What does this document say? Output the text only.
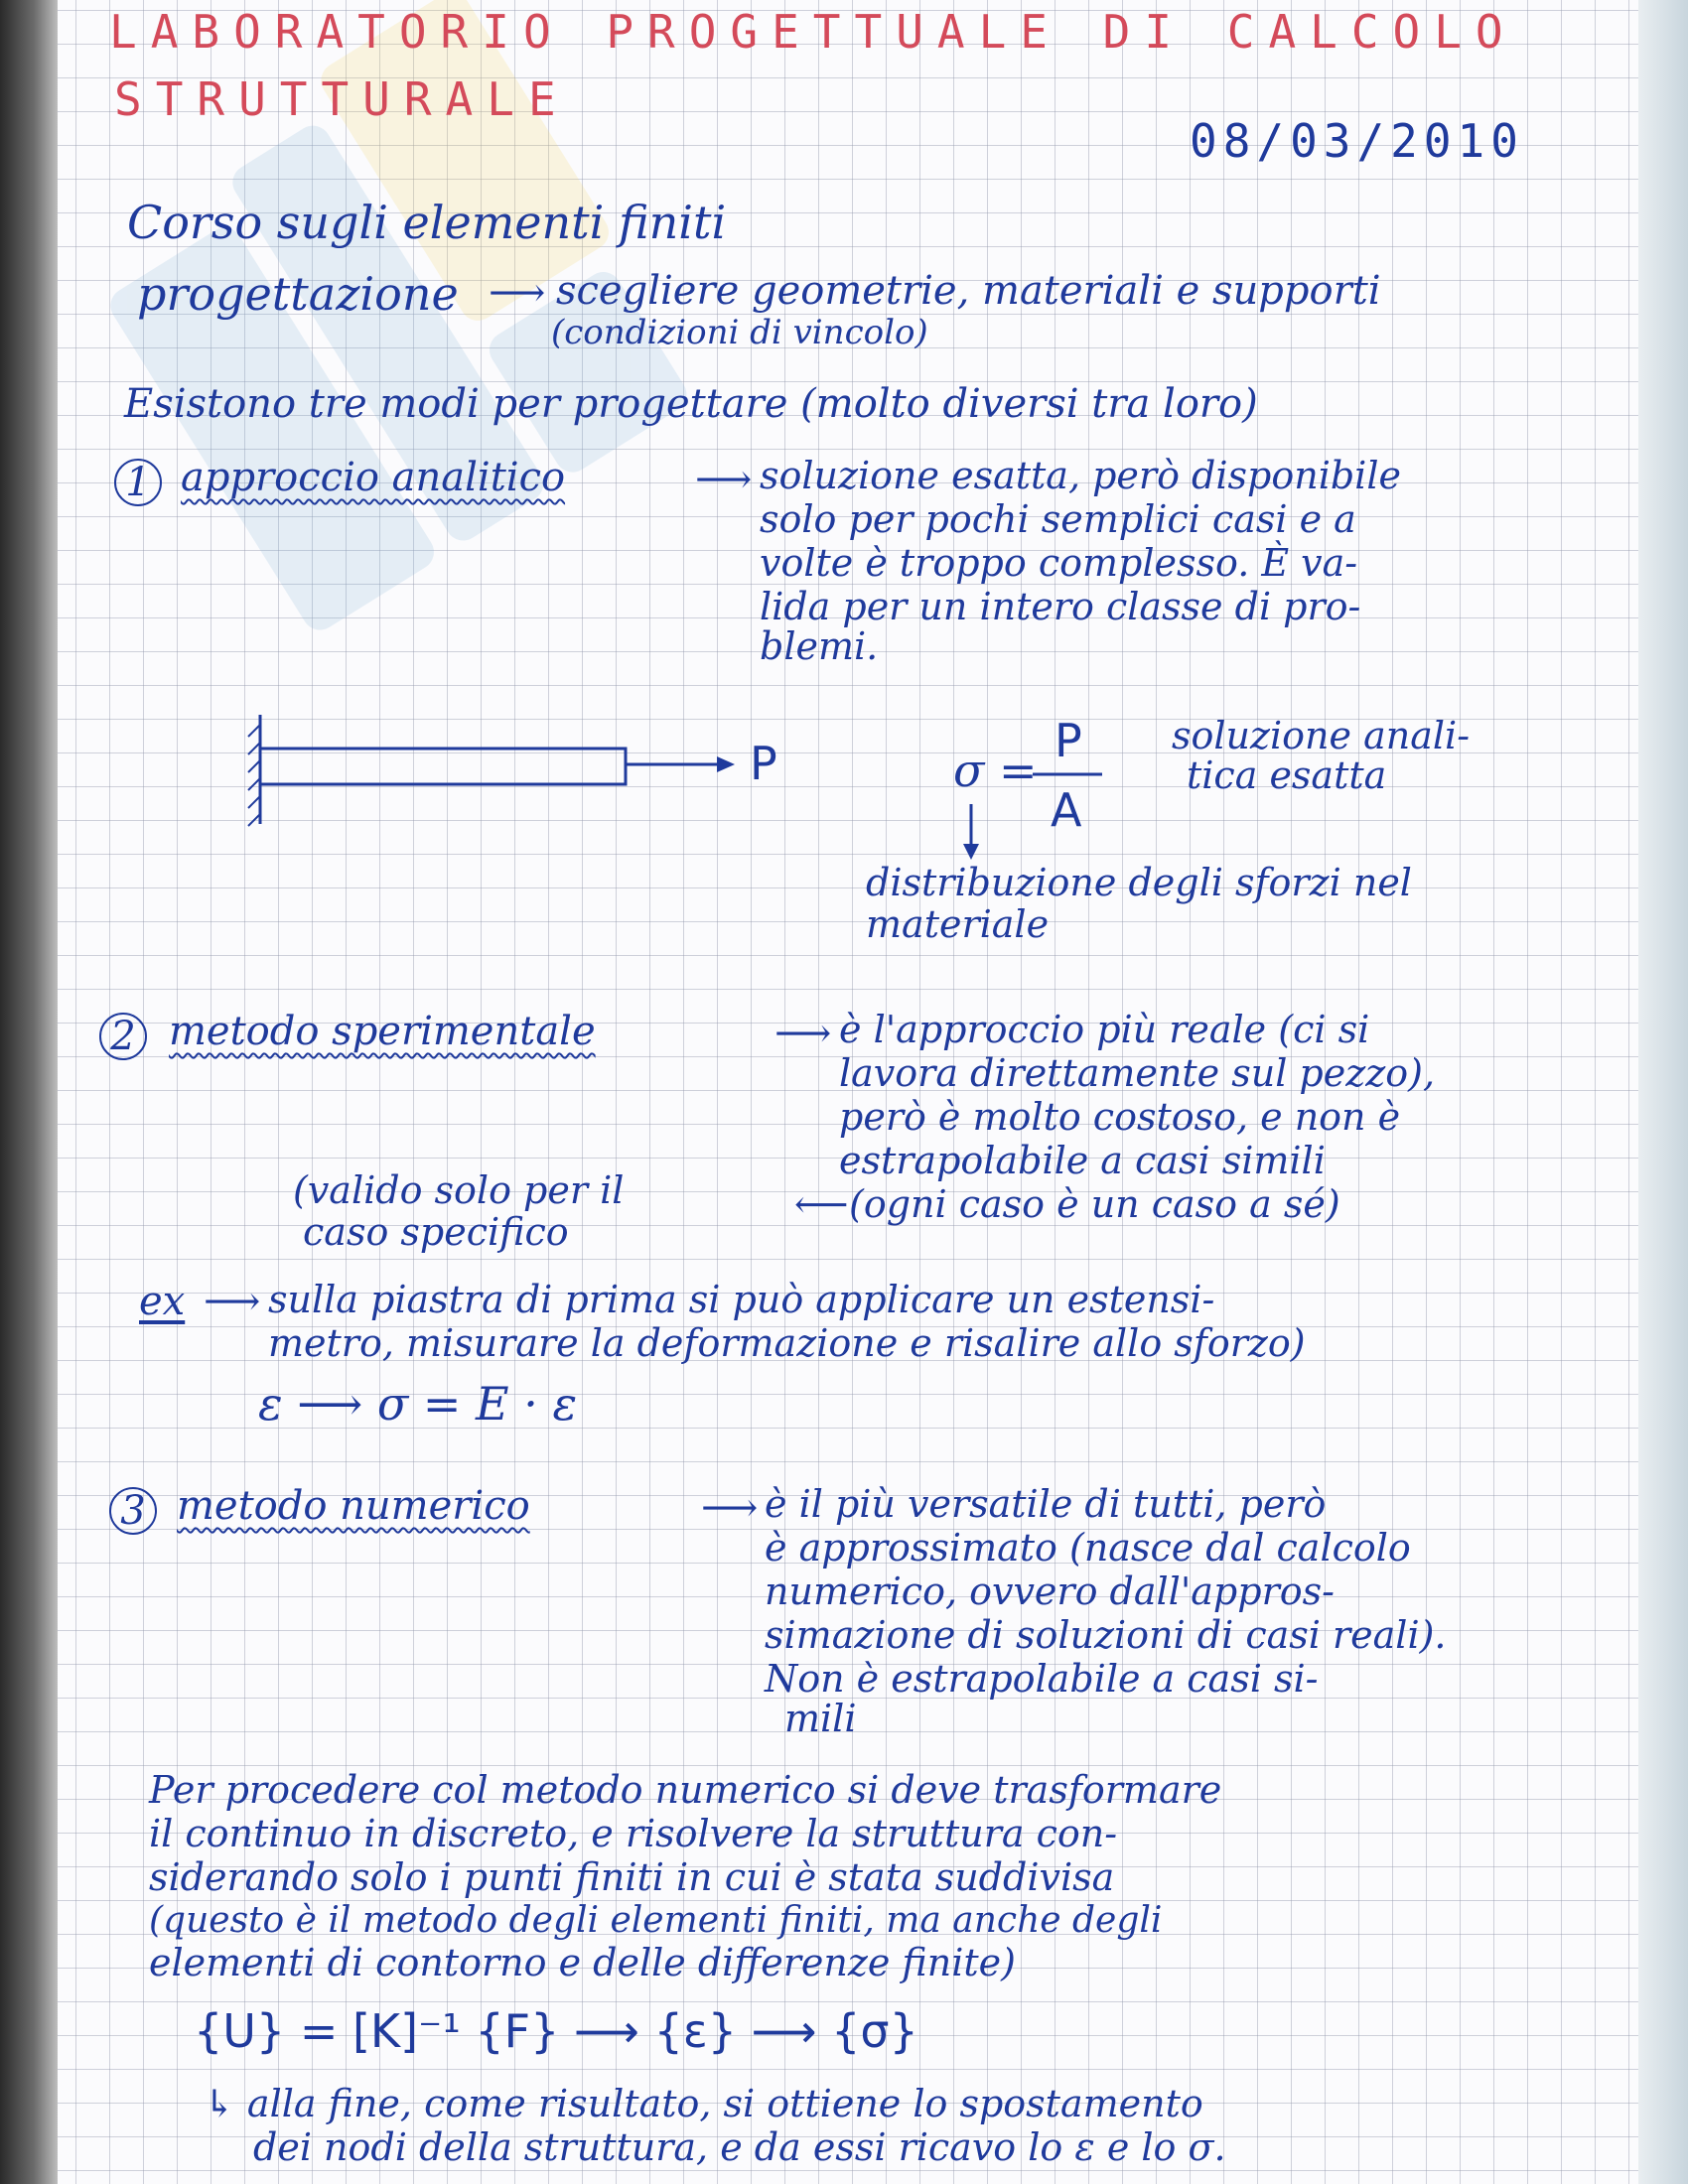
LABORATORIO PROGETTUALE DI CALCOLO
STRUTTURALE
08/03/2010
Corso sugli elementi finiti
progettazione ⟶ scegliere geometrie, materiali e supporti
(condizioni di vincolo)
Esistono tre modi per progettare (molto diversi tra loro)
1 approccio analitico	⟶ soluzione esatta, però disponibile
solo per pochi semplici casi e a
volte è troppo complesso. È va-
lida per un intero classe di pro-
blemi.
P	σ =
P
A
soluzione anali-
tica esatta
distribuzione degli sforzi nel
materiale
2 metodo sperimentale	⟶ è l'approccio più reale (ci si
lavora direttamente sul pezzo),
però è molto costoso, e non è
estrapolabile a casi simili
⟵ (ogni caso è un caso a sé)
(valido solo per il
caso specifico
ex ⟶ sulla piastra di prima si può applicare un estensi-
metro, misurare la deformazione e risalire allo sforzo)
ε ⟶ σ = E · ε
3 metodo numerico	⟶ è il più versatile di tutti, però
è approssimato (nasce dal calcolo
numerico, ovvero dall'appros-
simazione di soluzioni di casi reali).
Non è estrapolabile a casi si-
mili
Per procedere col metodo numerico si deve trasformare
il continuo in discreto, e risolvere la struttura con-
siderando solo i punti finiti in cui è stata suddivisa
(questo è il metodo degli elementi finiti, ma anche degli
elementi di contorno e delle differenze finite)
{U} = [K]⁻¹ {F} ⟶ {ε} ⟶ {σ}
↳ alla fine, come risultato, si ottiene lo spostamento
dei nodi della struttura, e da essi ricavo lo ε e lo σ.
